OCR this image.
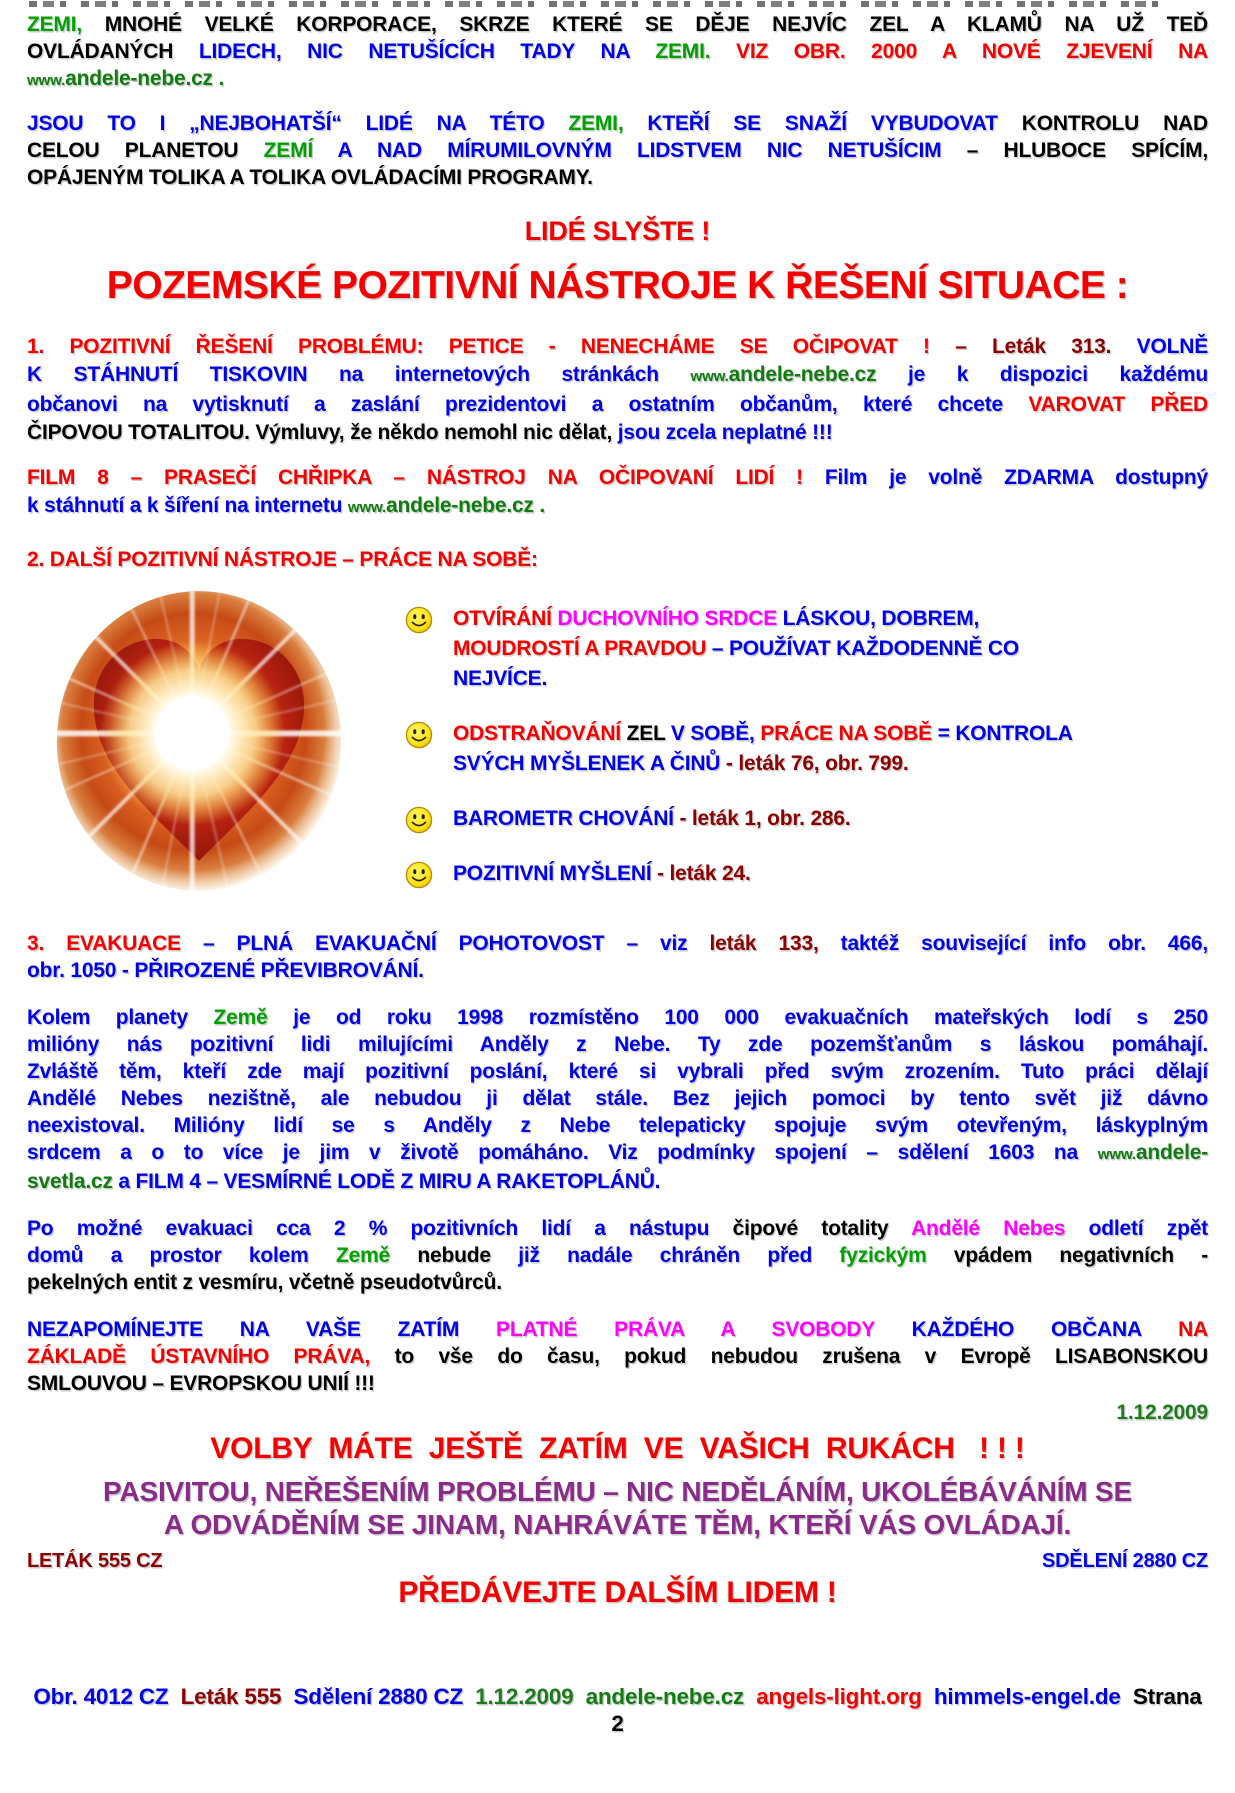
ZEMI, MNOHÉ VELKÉ KORPORACE, SKRZE KTERÉ SE DĚJE NEJVÍC ZEL A KLAMŮ NA UŽ TEĎ
OVLÁDANÝCH LIDECH, NIC NETUŠÍCÍCH TADY NA ZEMI. VIZ OBR. 2000 A NOVÉ ZJEVENÍ NA
www.andele-nebe.cz .
JSOU TO I „NEJBOHATŠÍ“ LIDÉ NA TÉTO ZEMI, KTEŘÍ SE SNAŽÍ VYBUDOVAT KONTROLU NAD
CELOU PLANETOU ZEMÍ A NAD MÍRUMILOVNÝM LIDSTVEM NIC NETUŠÍCIM – HLUBOCE SPÍCÍM,
OPÁJENÝM TOLIKA A TOLIKA OVLÁDACÍMI PROGRAMY.
LIDÉ SLYŠTE !
POZEMSKÉ POZITIVNÍ NÁSTROJE K ŘEŠENÍ SITUACE :
1. POZITIVNÍ ŘEŠENÍ PROBLÉMU: PETICE - NENECHÁME SE OČIPOVAT ! – Leták 313. VOLNĚ
K STÁHNUTÍ TISKOVIN na internetových stránkách www.andele-nebe.cz je k dispozici každému
občanovi na vytisknutí a zaslání prezidentovi a ostatním občanům, které chcete VAROVAT PŘED
ČIPOVOU TOTALITOU. Výmluvy, že někdo nemohl nic dělat, jsou zcela neplatné !!!
FILM 8 – PRASEČÍ CHŘIPKA – NÁSTROJ NA OČIPOVANÍ LIDÍ ! Film je volně ZDARMA dostupný
k stáhnutí a k šíření na internetu www.andele-nebe.cz .
2. DALŠÍ POZITIVNÍ NÁSTROJE – PRÁCE NA SOBĚ:
OTVÍRÁNÍ DUCHOVNÍHO SRDCE LÁSKOU, DOBREM,
MOUDROSTÍ A PRAVDOU – POUŽÍVAT KAŽDODENNĚ CO
NEJVÍCE.
ODSTRAŇOVÁNÍ ZEL V SOBĚ, PRÁCE NA SOBĚ = KONTROLA
SVÝCH MYŠLENEK A ČINŮ - leták 76, obr. 799.
BAROMETR CHOVÁNÍ - leták 1, obr. 286.
POZITIVNÍ MYŠLENÍ - leták 24.
3. EVAKUACE – PLNÁ EVAKUAČNÍ POHOTOVOST – viz leták 133, taktéž související info obr. 466,
obr. 1050 - PŘIROZENÉ PŘEVIBROVÁNÍ.
Kolem planety Země je od roku 1998 rozmístěno 100 000 evakuačních mateřských lodí s 250
milióny nás pozitivní lidi milujícími Anděly z Nebe. Ty zde pozemšťanům s láskou pomáhají.
Zvláště těm, kteří zde mají pozitivní poslání, které si vybrali před svým zrozením. Tuto práci dělají
Andělé Nebes nezištně, ale nebudou ji dělat stále. Bez jejich pomoci by tento svět již dávno
neexistoval. Milióny lidí se s Anděly z Nebe telepaticky spojuje svým otevřeným, láskyplným
srdcem a o to více je jim v životě pomáháno. Viz podmínky spojení – sdělení 1603 na www.andele-
svetla.cz a FILM 4 – VESMÍRNÉ LODĚ Z MIRU A RAKETOPLÁNŮ.
Po možné evakuaci cca 2 % pozitivních lidí a nástupu čipové totality Andělé Nebes odletí zpět
domů a prostor kolem Země nebude již nadále chráněn před fyzickým vpádem negativních -
pekelných entit z vesmíru, včetně pseudotvůrců.
NEZAPOMÍNEJTE NA VAŠE ZATÍM PLATNÉ PRÁVA A SVOBODY KAŽDÉHO OBČANA NA
ZÁKLADĚ ÚSTAVNÍHO PRÁVA, to vše do času, pokud nebudou zrušena v Evropě LISABONSKOU
SMLOUVOU – EVROPSKOU UNIÍ !!!
1.12.2009
VOLBY  MÁTE  JEŠTĚ  ZATÍM  VE  VAŠICH  RUKÁCH   ! ! !
PASIVITOU, NEŘEŠENÍM PROBLÉMU – NIC NEDĚLÁNÍM, UKOLÉBÁVÁNÍM SE
A ODVÁDĚNÍM SE JINAM, NAHRÁVÁTE TĚM, KTEŘÍ VÁS OVLÁDAJÍ.
LETÁK 555 CZ	SDĚLENÍ 2880 CZ
PŘEDÁVEJTE DALŠÍM LIDEM !

Obr. 4012 CZ Leták 555 Sdělení 2880 CZ 1.12.2009 andele-nebe.cz angels-light.org himmels-engel.de Strana 2
